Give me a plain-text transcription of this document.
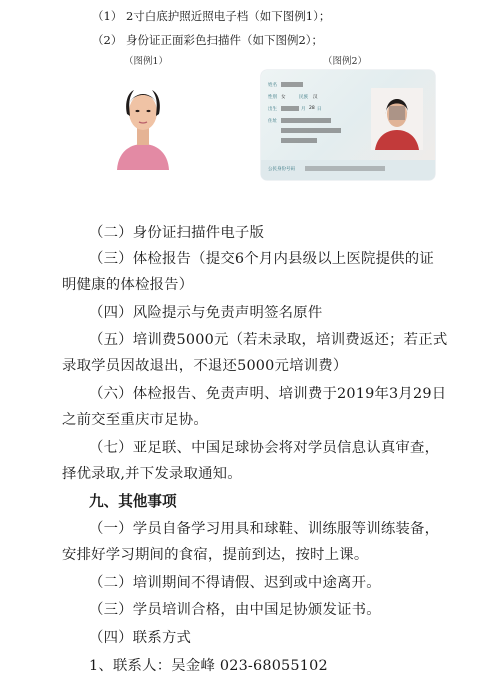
（1） 2寸白底护照近照电子档（如下图例1）；
（2） 身份证正面彩色扫描件（如下图例2）；
（图例1）	（图例2）
姓名
性别 女	民族 汉
出生	月 28 日
住址
公民身份号码
（二）身份证扫描件电子版
（三）体检报告（提交6个月内县级以上医院提供的证
明健康的体检报告）
（四）风险提示与免责声明签名原件
（五）培训费5000元（若未录取，培训费返还；若正式
录取学员因故退出，不退还5000元培训费）
（六）体检报告、免责声明、培训费于2019年3月29日
之前交至重庆市足协。
（七）亚足联、中国足球协会将对学员信息认真审查，
择优录取,并下发录取通知。
九、其他事项
（一）学员自备学习用具和球鞋、训练服等训练装备，
安排好学习期间的食宿，提前到达，按时上课。
（二）培训期间不得请假、迟到或中途离开。
（三）学员培训合格，由中国足协颁发证书。
（四）联系方式
1、联系人：吴金峰 023-68055102
